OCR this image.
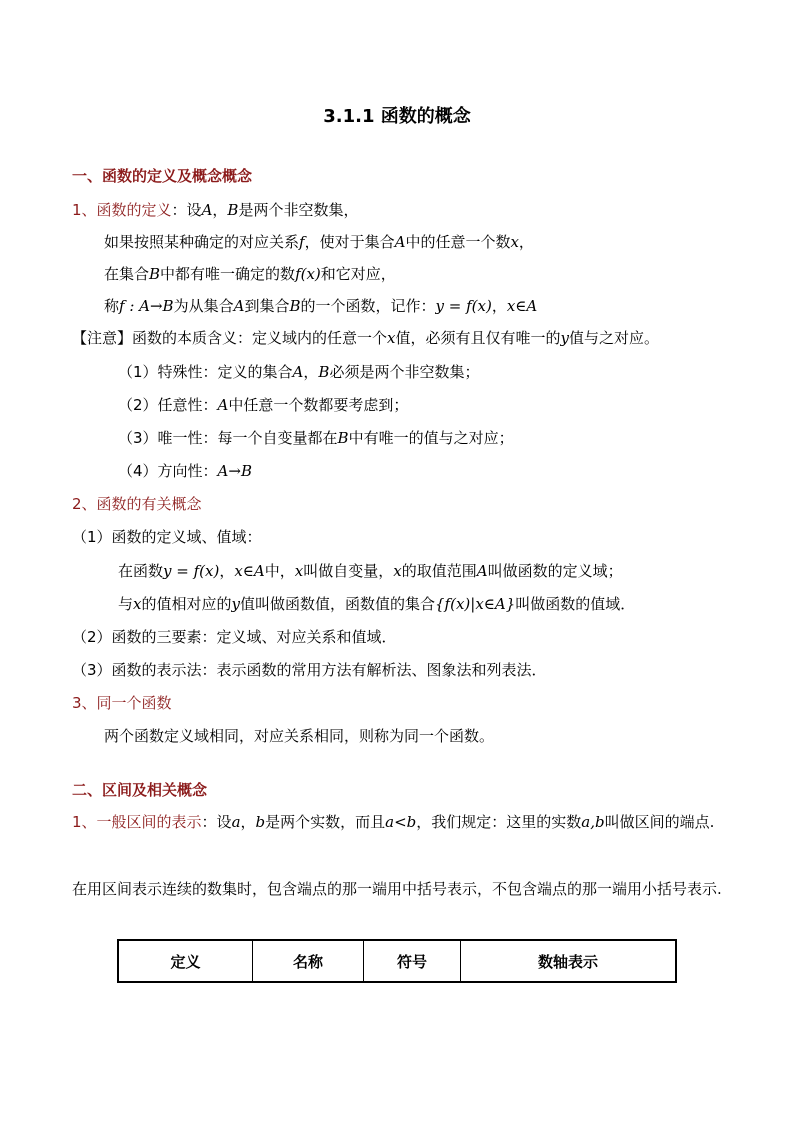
3.1.1 函数的概念
一、函数的定义及概念概念
1、函数的定义：设A，B是两个非空数集，
如果按照某种确定的对应关系f，使对于集合A中的任意一个数x，
在集合B中都有唯一确定的数f(x)和它对应，
称f : A→B为从集合A到集合B的一个函数，记作：y = f(x)，x∈A
【注意】函数的本质含义：定义域内的任意一个x值，必须有且仅有唯一的y值与之对应。
（1）特殊性：定义的集合A，B必须是两个非空数集；
（2）任意性：A中任意一个数都要考虑到；
（3）唯一性：每一个自变量都在B中有唯一的值与之对应；
（4）方向性：A→B
2、函数的有关概念
（1）函数的定义域、值域：
在函数y = f(x)，x∈A中，x叫做自变量，x的取值范围A叫做函数的定义域；
与x的值相对应的y值叫做函数值，函数值的集合{f(x)|x∈A}叫做函数的值域．
（2）函数的三要素：定义域、对应关系和值域．
（3）函数的表示法：表示函数的常用方法有解析法、图象法和列表法．
3、同一个函数
两个函数定义域相同，对应关系相同，则称为同一个函数。
二、区间及相关概念
1、一般区间的表示：设a，b是两个实数，而且a<b，我们规定：这里的实数a,b叫做区间的端点.
在用区间表示连续的数集时，包含端点的那一端用中括号表示，不包含端点的那一端用小括号表示.
定义	名称	符号	数轴表示
